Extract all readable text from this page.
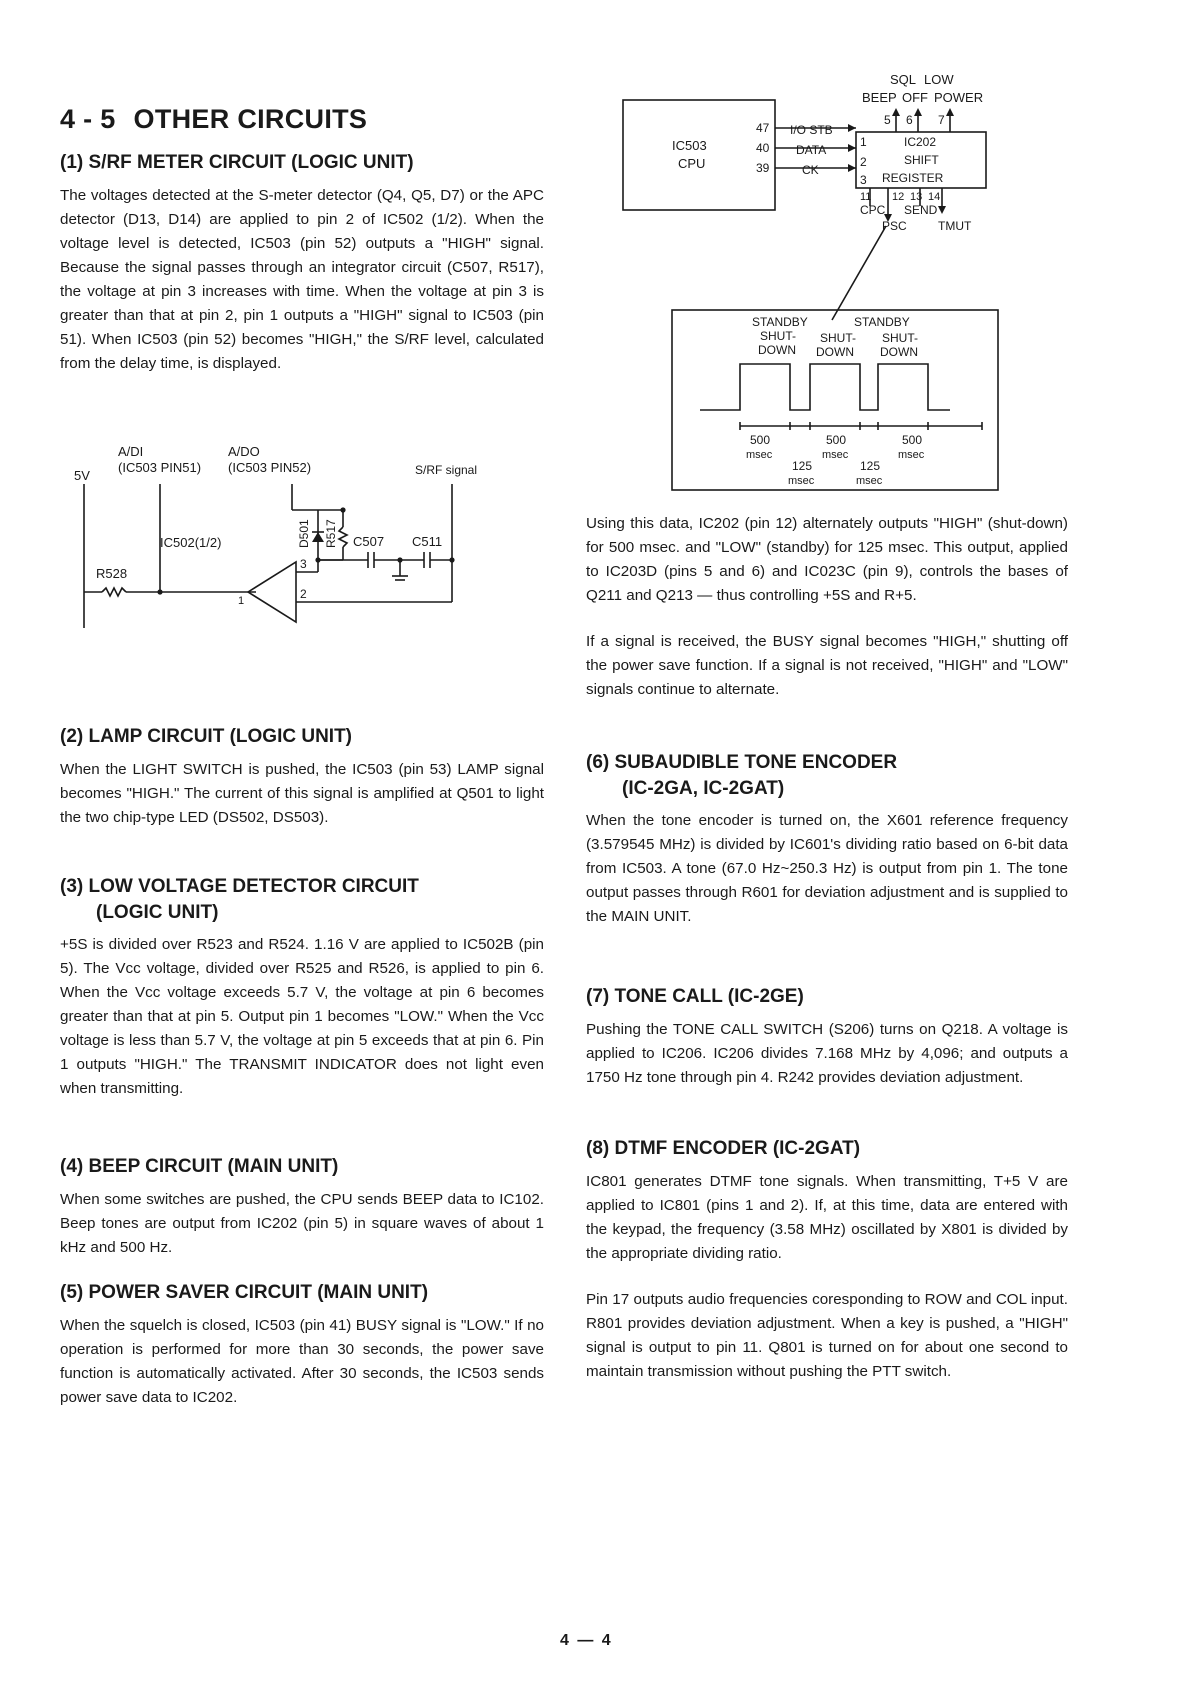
4 - 5 OTHER CIRCUITS
(1) S/RF METER CIRCUIT (LOGIC UNIT)

The voltages detected at the S-meter detector (Q4, Q5, D7) or the APC detector (D13, D14) are applied to pin 2 of IC502 (1/2). When the voltage level is detected, IC503 (pin 52) outputs a "HIGH" signal. Because the signal passes through an integrator circuit (C507, R517), the voltage at pin 3 increases with time. When the voltage at pin 3 is greater than that at pin 2, pin 1 outputs a "HIGH" signal to IC503 (pin 51). When IC503 (pin 52) becomes "HIGH," the S/RF level, calculated from the delay time, is displayed.

5V
A/DI
(IC503 PIN51)
A/DO
(IC503 PIN52)	S/RF signal
IC502(1/2)	D501 R517 C507 C511
R528
1	2
3
(2) LAMP CIRCUIT (LOGIC UNIT)

When the LIGHT SWITCH is pushed, the IC503 (pin 53) LAMP signal becomes "HIGH." The current of this signal is amplified at Q501 to light the two chip-type LED (DS502, DS503).

(3) LOW VOLTAGE DETECTOR CIRCUIT
(LOGIC UNIT)

+5S is divided over R523 and R524. 1.16 V are applied to IC502B (pin 5). The Vcc voltage, divided over R525 and R526, is applied to pin 6. When the Vcc voltage exceeds 5.7 V, the voltage at pin 6 becomes greater than that at pin 5. Output pin 1 becomes "LOW." When the Vcc voltage is less than 5.7 V, the voltage at pin 5 exceeds that at pin 6. Pin 1 outputs "HIGH." The TRANSMIT INDICATOR does not light even when transmitting.

(4) BEEP CIRCUIT (MAIN UNIT)

When some switches are pushed, the CPU sends BEEP data to IC102. Beep tones are output from IC202 (pin 5) in square waves of about 1 kHz and 500 Hz.

(5) POWER SAVER CIRCUIT (MAIN UNIT)

When the squelch is closed, IC503 (pin 41) BUSY signal is "LOW." If no operation is performed for more than 30 seconds, the power save function is automatically activated. After 30 seconds, the IC503 sends power save data to IC202.

SQL LOW
BEEP OFF POWER
5 6 7
IC503
CPU
47
40
39
I/O STB
DATA
CK
1
2
3
IC202
SHIFT
REGISTER
11 12 13 14
CPC SEND
PSC	TMUT
STANDBY	STANDBY
SHUT- SHUT- SHUT-
DOWN DOWN DOWN
500
msec
500
msec
500
msec
125
msec
125
msec

Using this data, IC202 (pin 12) alternately outputs "HIGH" (shut-down) for 500 msec. and "LOW" (standby) for 125 msec. This output, applied to IC203D (pins 5 and 6) and IC023C (pin 9), controls the bases of Q211 and Q213 — thus controlling +5S and R+5.

If a signal is received, the BUSY signal becomes "HIGH," shutting off the power save function. If a signal is not received, "HIGH" and "LOW" signals continue to alternate.

(6) SUBAUDIBLE TONE ENCODER
(IC-2GA, IC-2GAT)

When the tone encoder is turned on, the X601 reference frequency (3.579545 MHz) is divided by IC601's dividing ratio based on 6-bit data from IC503. A tone (67.0 Hz~250.3 Hz) is output from pin 1. The tone output passes through R601 for deviation adjustment and is supplied to the MAIN UNIT.

(7) TONE CALL (IC-2GE)

Pushing the TONE CALL SWITCH (S206) turns on Q218. A voltage is applied to IC206. IC206 divides 7.168 MHz by 4,096; and outputs a 1750 Hz tone through pin 4. R242 provides deviation adjustment.

(8) DTMF ENCODER (IC-2GAT)

IC801 generates DTMF tone signals. When transmitting, T+5 V are applied to IC801 (pins 1 and 2). If, at this time, data are entered with the keypad, the frequency (3.58 MHz) oscillated by X801 is divided by the appropriate dividing ratio.

Pin 17 outputs audio frequencies coresponding to ROW and COL input. R801 provides deviation adjustment. When a key is pushed, a "HIGH" signal is output to pin 11. Q801 is turned on for about one second to maintain transmission without pushing the PTT switch.

4 — 4
